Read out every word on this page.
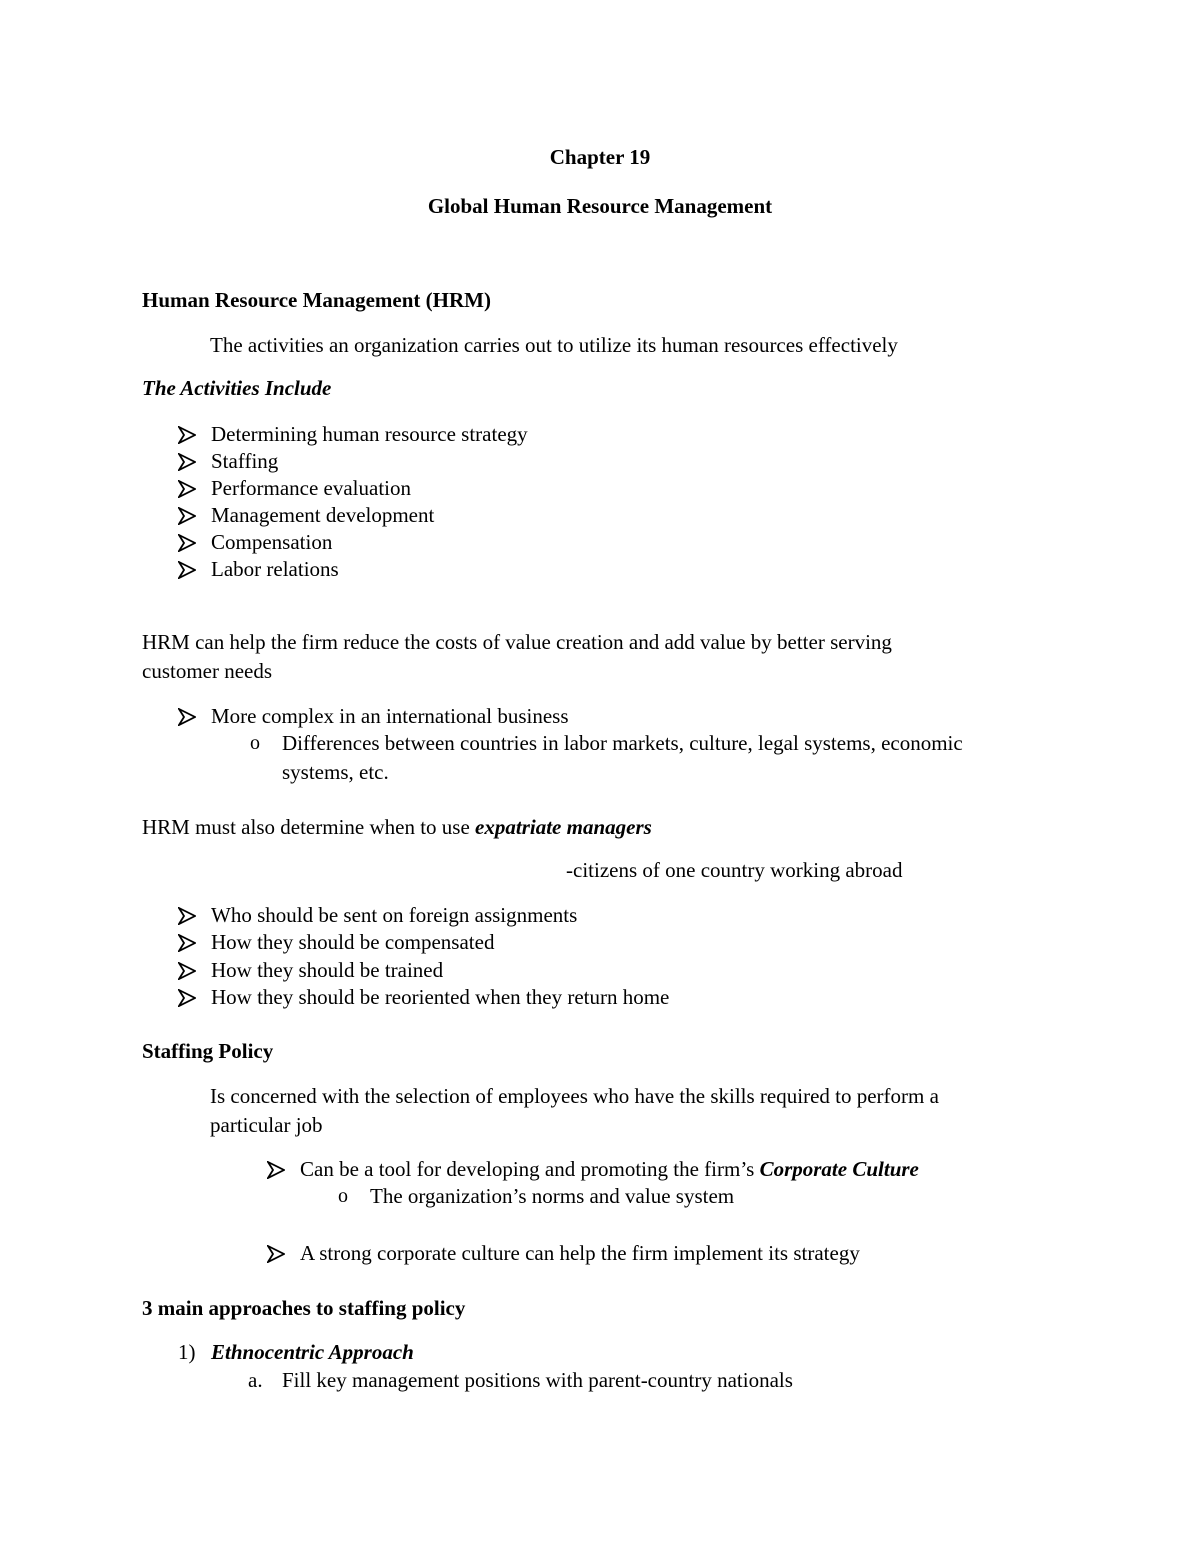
Chapter 19
Global Human Resource Management
Human Resource Management (HRM)
The activities an organization carries out to utilize its human resources effectively
The Activities Include
Determining human resource strategy
Staffing
Performance evaluation
Management development
Compensation
Labor relations
HRM can help the firm reduce the costs of value creation and add value by better serving
customer needs
More complex in an international business
o Differences between countries in labor markets, culture, legal systems, economic
systems, etc.
HRM must also determine when to use expatriate managers
-citizens of one country working abroad
Who should be sent on foreign assignments
How they should be compensated
How they should be trained
How they should be reoriented when they return home
Staffing Policy
Is concerned with the selection of employees who have the skills required to perform a
particular job
Can be a tool for developing and promoting the firm’s Corporate Culture
o The organization’s norms and value system
A strong corporate culture can help the firm implement its strategy
3 main approaches to staffing policy
1) Ethnocentric Approach
a. Fill key management positions with parent-country nationals
